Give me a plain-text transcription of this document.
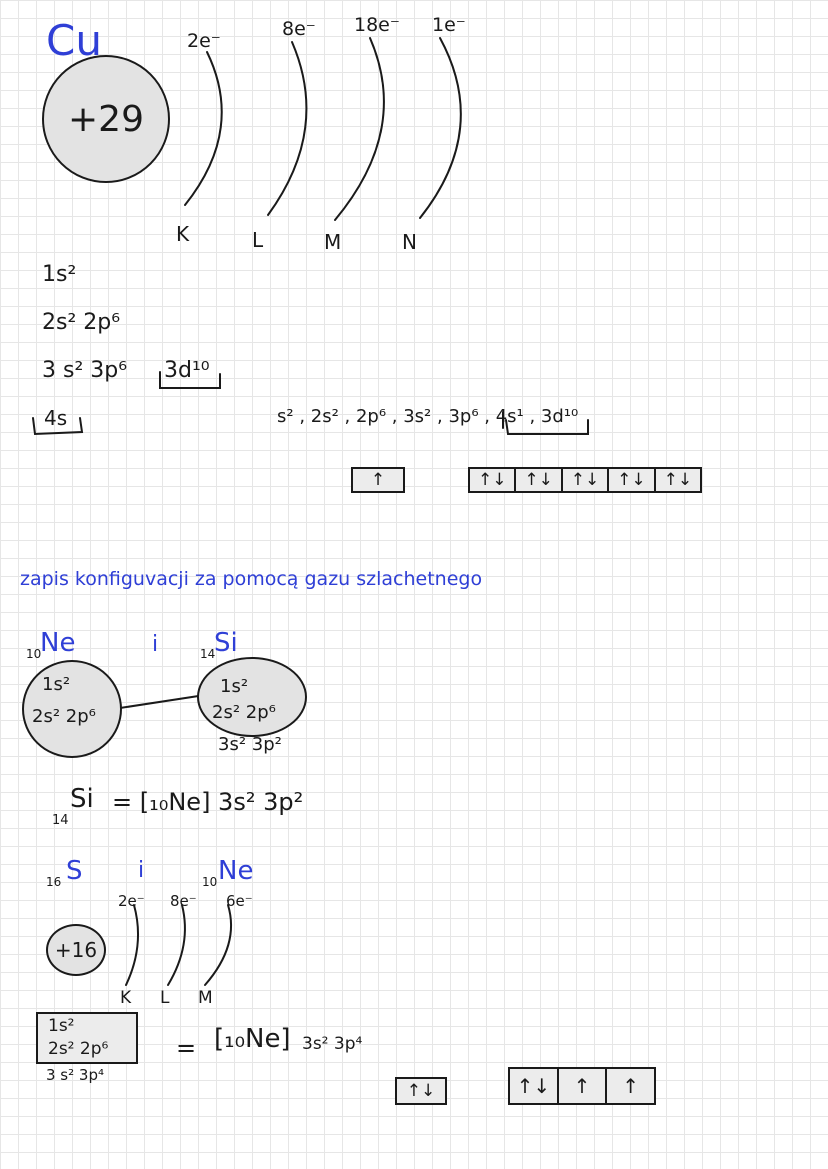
Cu
+29
2e⁻
8e⁻ 18e⁻ 1e⁻
K	L	M	N
1s²
2s² 2p⁶
3 s² 3p⁶ 3d¹⁰
4s	s² , 2s² , 2p⁶ , 3s² , 3p⁶ , 4s¹ , 3d¹⁰
↑	↑↓	↑↓	↑↓	↑↓	↑↓
zapis konfiguvacji za pomocą gazu szlachetnego
10
Ne	i	14
Si
1s²
2s² 2p⁶
1s²
2s² 2p⁶
3s² 3p²
14
Si = [₁₀Ne] 3s² 3p²
16 S	i	10 Ne
2e⁻ 8e⁻ 6e⁻
+16
K L M
1s²
2s² 2p⁶
3 s² 3p⁴
= [₁₀Ne] 3s² 3p⁴
↑↓	↑↓	↑	↑
